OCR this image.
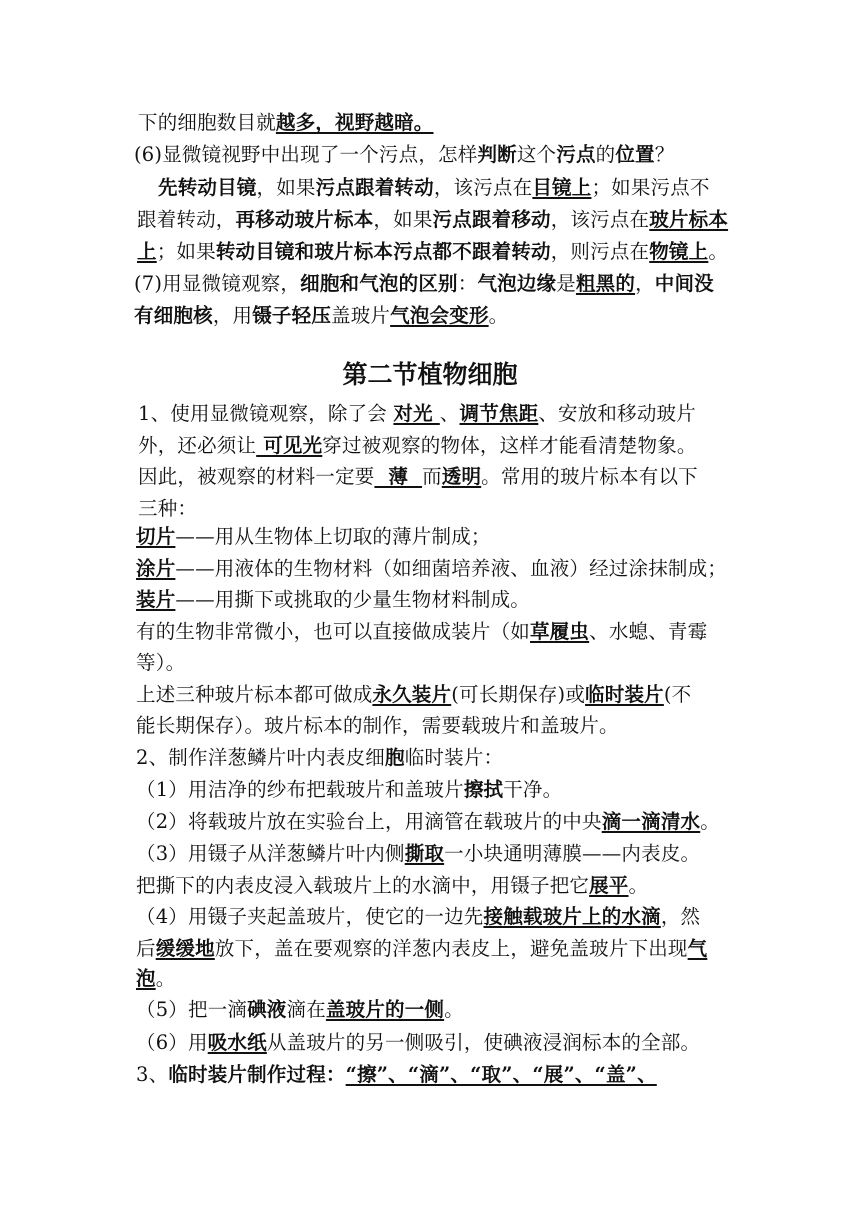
下的细胞数目就越多，视野越暗。
(6)显微镜视野中出现了一个污点，怎样判断这个污点的位置？
先转动目镜，如果污点跟着转动，该污点在目镜上；如果污点不
跟着转动，再移动玻片标本，如果污点跟着移动，该污点在玻片标本
上；如果转动目镜和玻片标本污点都不跟着转动，则污点在物镜上。
(7)用显微镜观察，细胞和气泡的区别：气泡边缘是粗黑的，中间没
有细胞核，用镊子轻压盖玻片气泡会变形。
第二节植物细胞
1、使用显微镜观察，除了会 对光 、调节焦距、安放和移动玻片
外，还必须让 可见光穿过被观察的物体，这样才能看清楚物象。
因此，被观察的材料一定要  薄  而透明。常用的玻片标本有以下
三种：
切片——用从生物体上切取的薄片制成；
涂片——用液体的生物材料（如细菌培养液、血液）经过涂抹制成；
装片——用撕下或挑取的少量生物材料制成。
有的生物非常微小，也可以直接做成装片（如草履虫、水螅、青霉
等）。
上述三种玻片标本都可做成永久装片(可长期保存)或临时装片(不
能长期保存）。玻片标本的制作，需要载玻片和盖玻片。
2、制作洋葱鳞片叶内表皮细胞临时装片：
（1）用洁净的纱布把载玻片和盖玻片擦拭干净。
（2）将载玻片放在实验台上，用滴管在载玻片的中央滴一滴清水。
（3）用镊子从洋葱鳞片叶内侧撕取一小块通明薄膜——内表皮。
把撕下的内表皮浸入载玻片上的水滴中，用镊子把它展平。
（4）用镊子夹起盖玻片，使它的一边先接触载玻片上的水滴，然
后缓缓地放下，盖在要观察的洋葱内表皮上，避免盖玻片下出现气
泡。
（5）把一滴碘液滴在盖玻片的一侧。
（6）用吸水纸从盖玻片的另一侧吸引，使碘液浸润标本的全部。
3、临时装片制作过程：“擦”、“滴”、“取”、“展”、“盖”、
